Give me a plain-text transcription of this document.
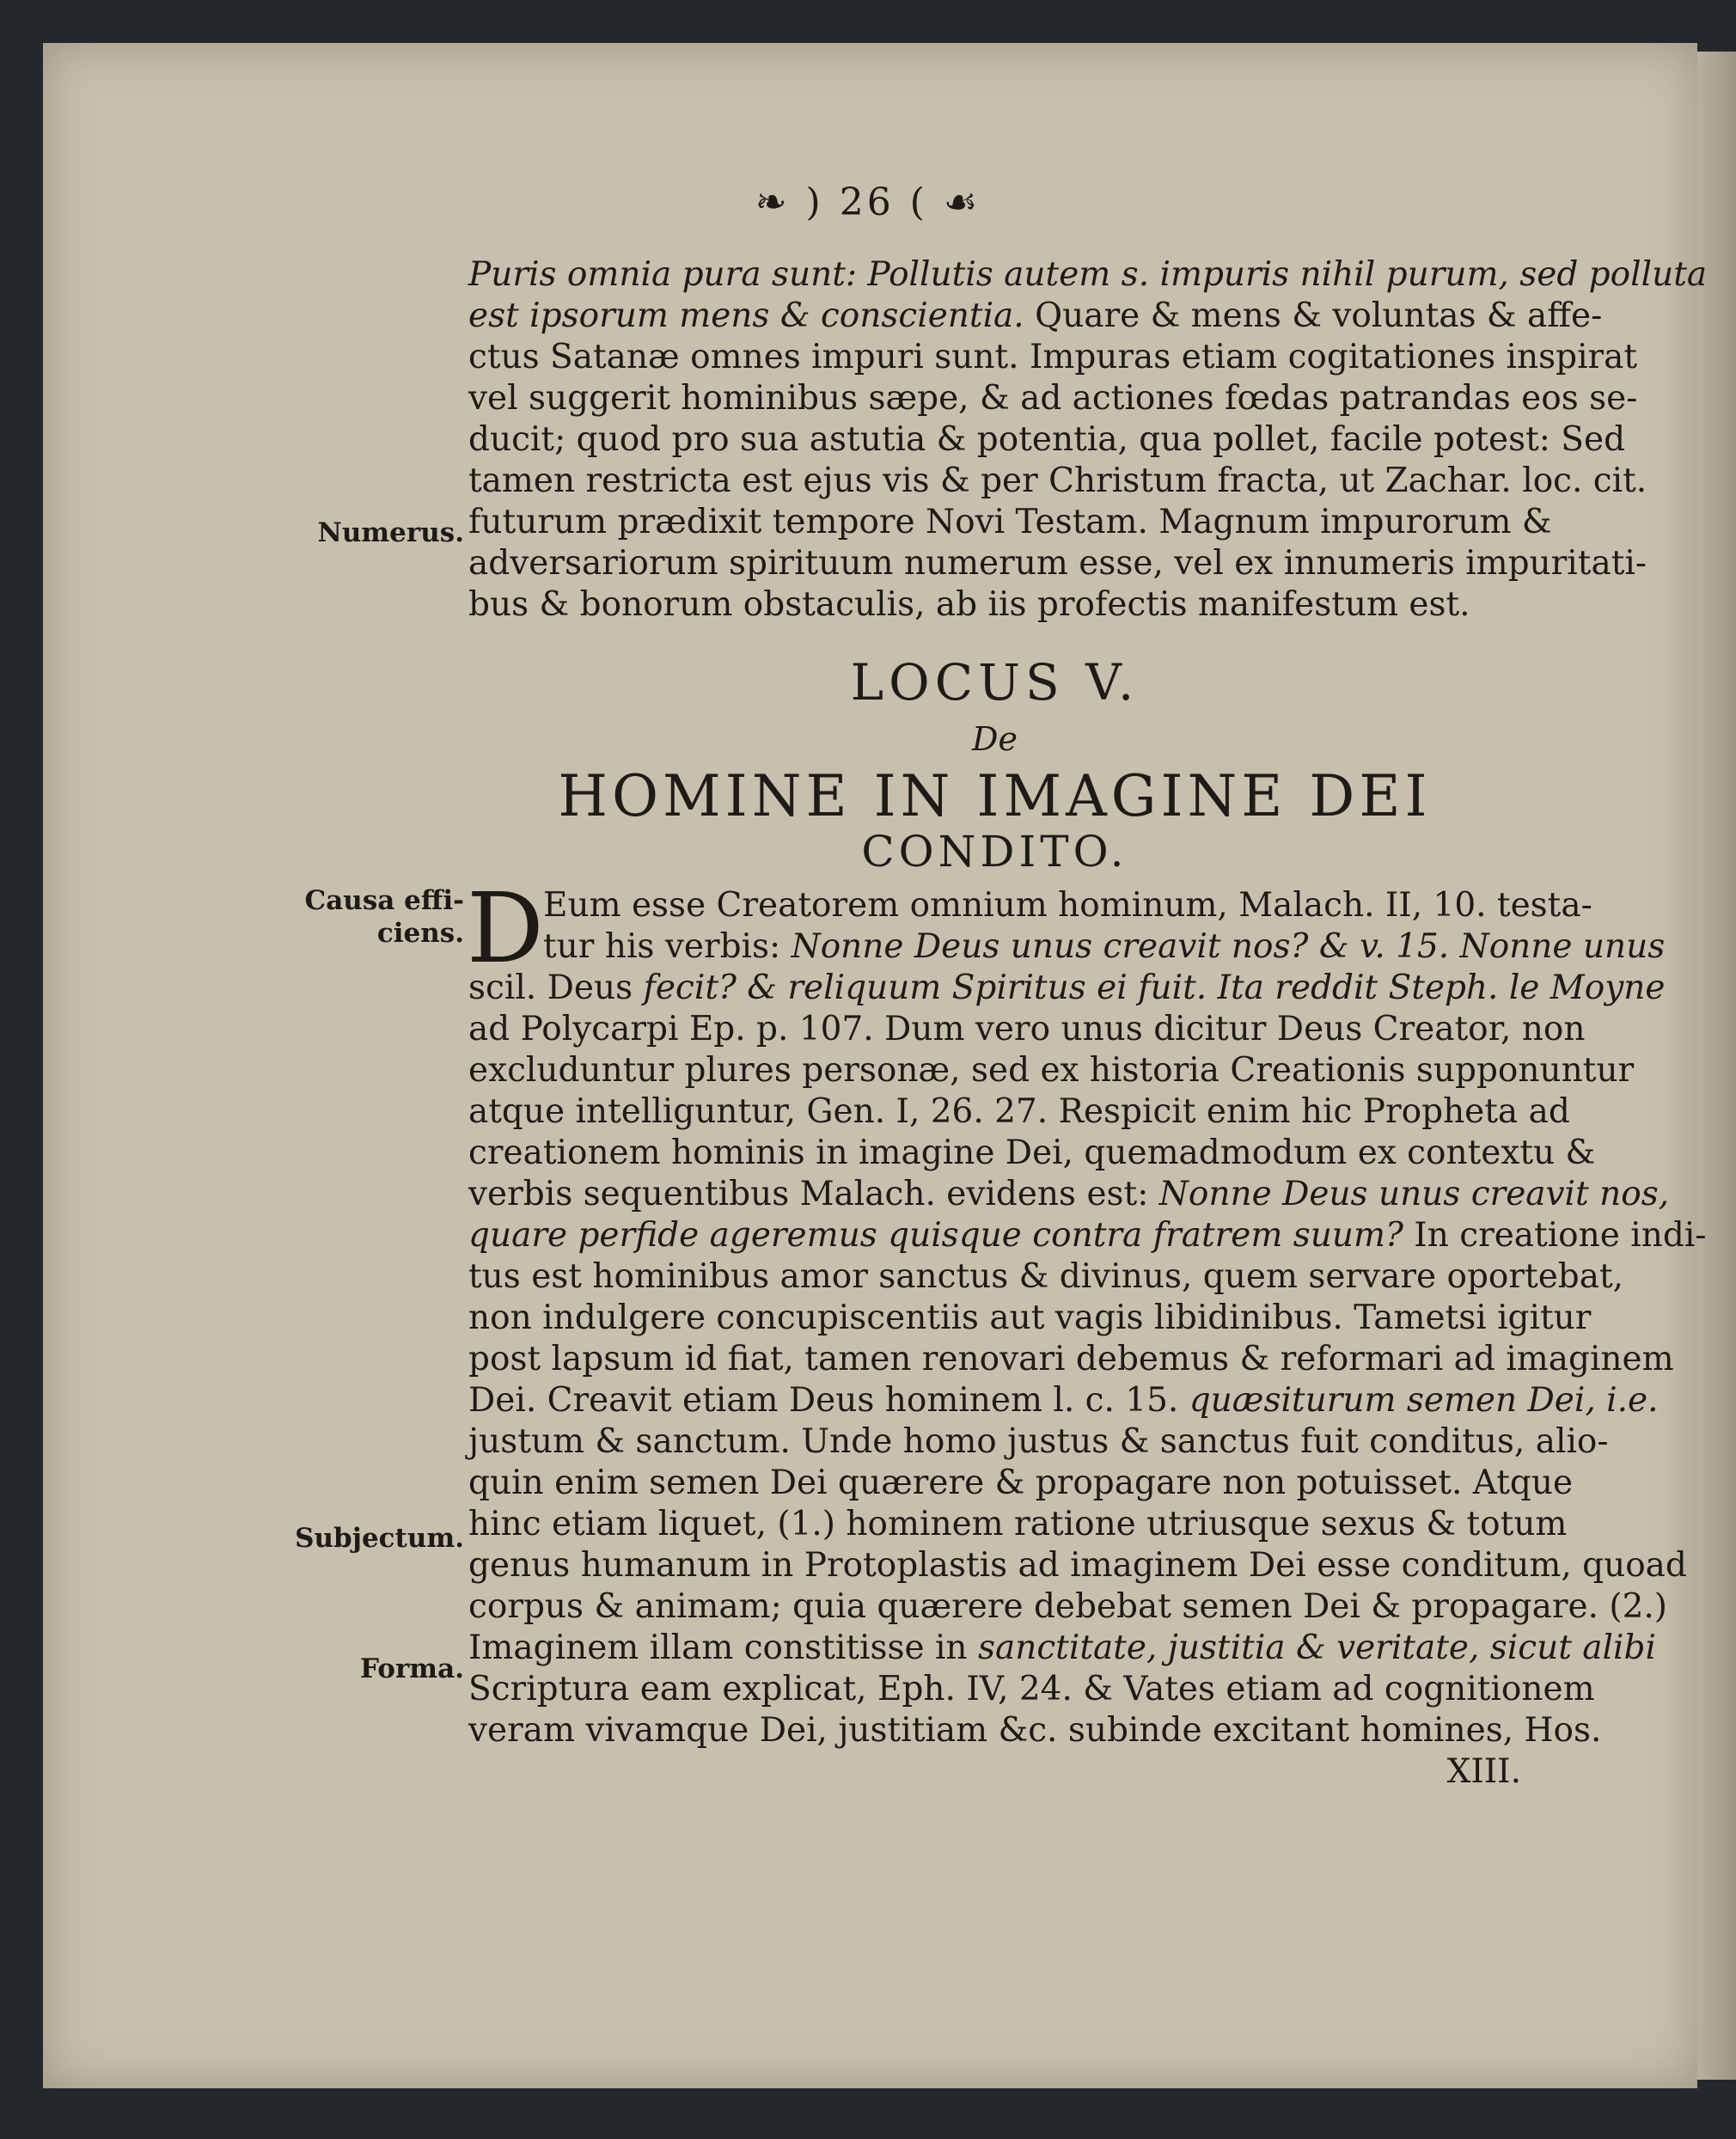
❧ ) 26 ( ☙
Numerus.
Causa effi-
ciens.
Subjectum.
Forma.
Puris omnia pura sunt: Pollutis autem s. impuris nihil purum, sed polluta
est ipsorum mens & conscientia. Quare & mens & voluntas & affe-
ctus Satanæ omnes impuri sunt. Impuras etiam cogitationes inspirat
vel suggerit hominibus sæpe, & ad actiones fœdas patrandas eos se-
ducit; quod pro sua astutia & potentia, qua pollet, facile potest: Sed
tamen restricta est ejus vis & per Christum fracta, ut Zachar. loc. cit.
futurum prædixit tempore Novi Testam. Magnum impurorum &
adversariorum spirituum numerum esse, vel ex innumeris impuritati-
bus & bonorum obstaculis, ab iis profectis manifestum est.
LOCUS V.
De
HOMINE IN IMAGINE DEI
CONDITO.
D Eum esse Creatorem omnium hominum, Malach. II, 10. testa-
tur his verbis: Nonne Deus unus creavit nos? & v. 15. Nonne unus
scil. Deus fecit? & reliquum Spiritus ei fuit. Ita reddit Steph. le Moyne
ad Polycarpi Ep. p. 107. Dum vero unus dicitur Deus Creator, non
excluduntur plures personæ, sed ex historia Creationis supponuntur
atque intelliguntur, Gen. I, 26. 27. Respicit enim hic Propheta ad
creationem hominis in imagine Dei, quemadmodum ex contextu &
verbis sequentibus Malach. evidens est: Nonne Deus unus creavit nos,
quare perfide ageremus quisque contra fratrem suum? In creatione indi-
tus est hominibus amor sanctus & divinus, quem servare oportebat,
non indulgere concupiscentiis aut vagis libidinibus. Tametsi igitur
post lapsum id fiat, tamen renovari debemus & reformari ad imaginem
Dei. Creavit etiam Deus hominem l. c. 15. quæsiturum semen Dei, i.e.
justum & sanctum. Unde homo justus & sanctus fuit conditus, alio-
quin enim semen Dei quærere & propagare non potuisset. Atque
hinc etiam liquet, (1.) hominem ratione utriusque sexus & totum
genus humanum in Protoplastis ad imaginem Dei esse conditum, quoad
corpus & animam; quia quærere debebat semen Dei & propagare. (2.)
Imaginem illam constitisse in sanctitate, justitia & veritate, sicut alibi
Scriptura eam explicat, Eph. IV, 24. & Vates etiam ad cognitionem
veram vivamque Dei, justitiam &c. subinde excitant homines, Hos.
XIII.
